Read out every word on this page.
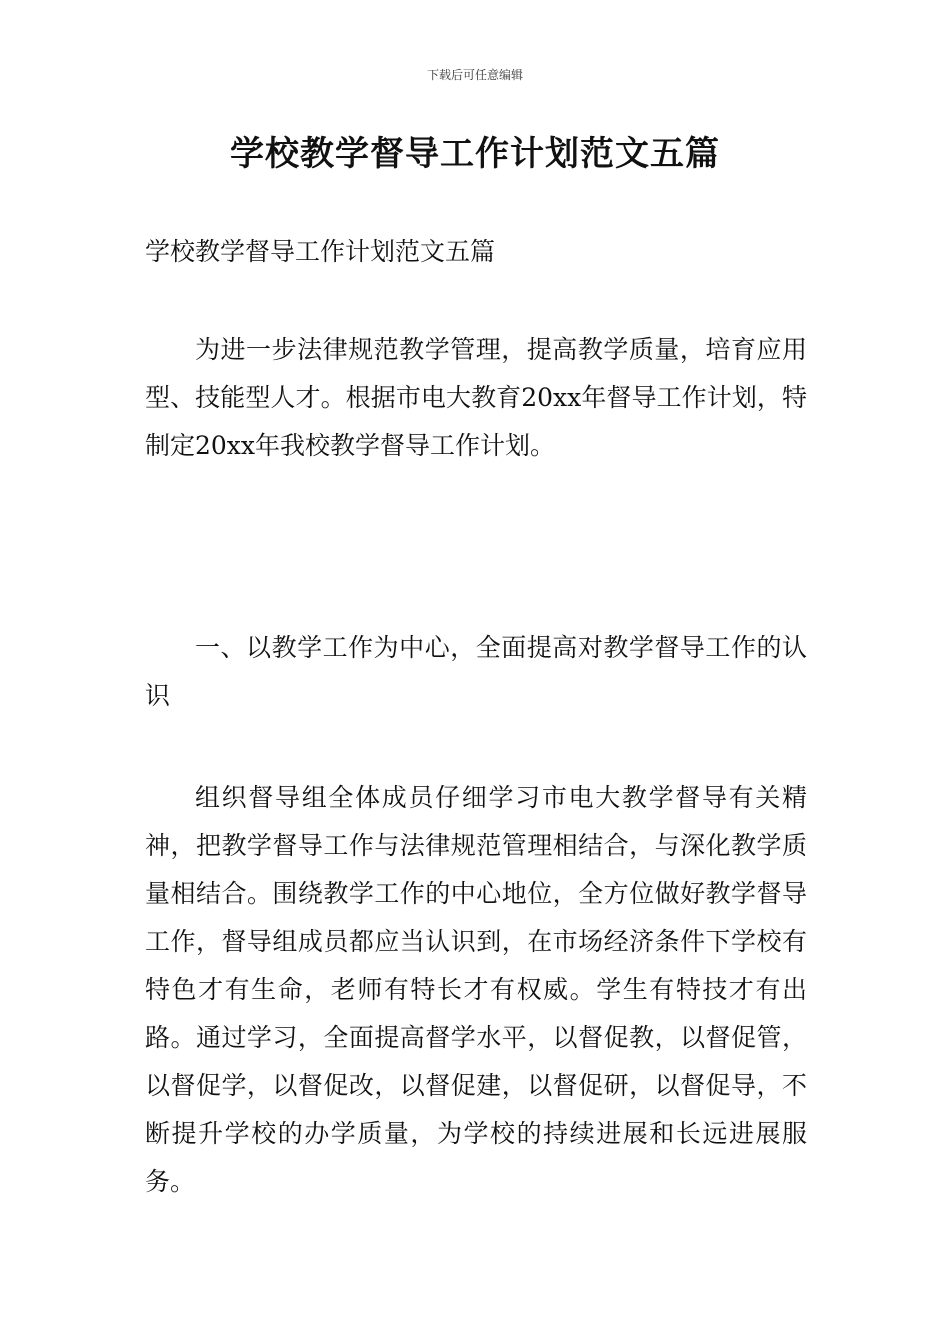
下载后可任意编辑
学校教学督导工作计划范文五篇
学校教学督导工作计划范文五篇

为进一步法律规范教学管理，提高教学质量，培育应用型、技能型人才。根据市电大教育20xx年督导工作计划，特制定20xx年我校教学督导工作计划。

一、以教学工作为中心，全面提高对教学督导工作的认识

组织督导组全体成员仔细学习市电大教学督导有关精神，把教学督导工作与法律规范管理相结合，与深化教学质量相结合。围绕教学工作的中心地位，全方位做好教学督导工作，督导组成员都应当认识到，在市场经济条件下学校有特色才有生命，老师有特长才有权威。学生有特技才有出路。通过学习，全面提高督学水平，以督促教，以督促管，以督促学，以督促改，以督促建，以督促研，以督促导，不断提升学校的办学质量，为学校的持续进展和长远进展服务。
